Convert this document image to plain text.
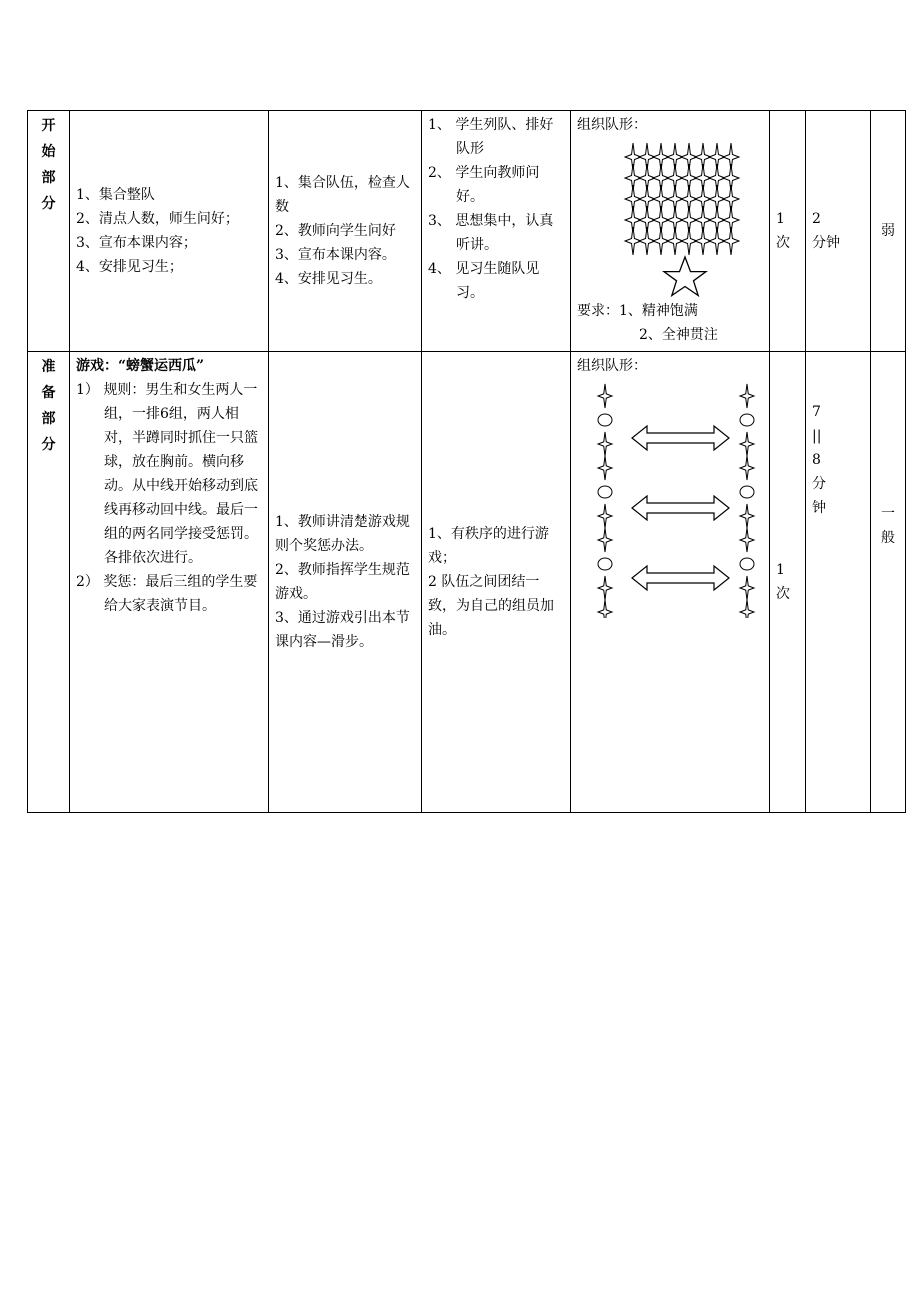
开
始
部
分	1、集合整队
2、清点人数，师生问好；
3、宣布本课内容；
4、安排见习生；	1、集合队伍，检查人数
2、教师向学生问好
3、宣布本课内容。
4、安排见习生。	1、 学生列队、排好队形
2、 学生向教师问好。
3、 思想集中，认真听讲。
4、 见习生随队见习。	组织队形：
要求：1、精神饱满
2、全神贯注	1
次	2
分钟	弱

准
备
部
分	游戏：“螃蟹运西瓜”
1） 规则：男生和女生两人一组，一排6组，两人相对，半蹲同时抓住一只篮球，放在胸前。横向移动。从中线开始移动到底线再移动回中线。最后一组的两名同学接受惩罚。各排依次进行。
2） 奖惩：最后三组的学生要给大家表演节目。	1、教师讲清楚游戏规则个奖惩办法。
2、教师指挥学生规范游戏。
3、通过游戏引出本节课内容—滑步。	1、有秩序的进行游戏；
2 队伍之间团结一致，为自己的组员加油。	组织队形：	1
次	7
||
8
分
钟	一
般
